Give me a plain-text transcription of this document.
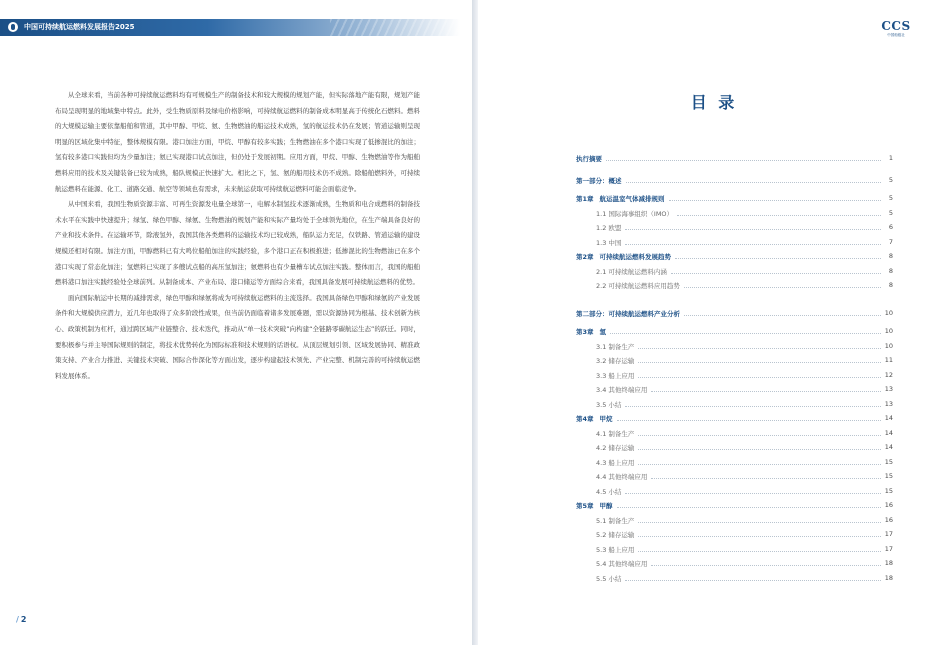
中国可持续航运燃料发展报告2025

从全球来看，当前各种可持续航运燃料均有可规模生产的制备技术和较大规模的规划产能，但实际落地产能有限，规划产能布局呈现明显的地域集中特点。此外，受生物质原料及绿电价格影响，可持续航运燃料的制备成本明显高于传统化石燃料。燃料的大规模运输主要依靠船舶和管道，其中甲醇、甲烷、氨、生物燃油的船运技术成熟，氢的航运技术仍在发展；管道运输则呈现明显的区域化集中特征，整体规模有限。港口加注方面，甲烷、甲醇有较多实践；生物燃油在多个港口实现了低掺混比的加注；氢有较多港口实践但均为少量加注；氨已实现港口试点加注，但仍处于发展初期。应用方面，甲烷、甲醇、生物燃油等作为船舶燃料应用的技术及关键装备已较为成熟，船队规模正快速扩大。相比之下，氢、氨的船用技术仍不成熟。除船舶燃料外，可持续航运燃料在能源、化工、道路交通、航空等领域也有需求，未来航运获取可持续航运燃料可能会面临竞争。

从中国来看，我国生物质资源丰富、可再生资源发电量全球第一，电解水制氢技术逐渐成熟，生物质和电合成燃料的制备技术水平在实践中快速提升；绿氢、绿色甲醇、绿氨、生物燃油的规划产能和实际产量均处于全球领先地位，在生产端具备良好的产业和技术条件。在运输环节，除液氢外，我国其他各类燃料的运输技术均已较成熟，船队运力充足，仅铁路、管道运输的建设规模还相对有限。加注方面，甲醇燃料已有大鸣位船舶加注的实践经验，多个港口正在积极推进；低掺混比的生物燃油已在多个港口实现了常态化加注；氢燃料已实现了多艘试点船的高压氢加注；氨燃料也有少量槽车试点加注实践。整体而言，我国的船舶燃料港口加注实践经验处全球前列。从制备成本、产业布局、港口储运等方面综合来看，我国具备发展可持续航运燃料的优势。

面向国际航运中长期的减排需求，绿色甲醇和绿氨将成为可持续航运燃料的主流选择。我国具备绿色甲醇和绿氨的产业发展条件和大规模供应潜力，近几年也取得了众多阶段性成果，但当前仍面临着诸多发展难题，需以资源协同为根基、技术创新为核心、政策机制为杠杆，通过跨区域产业链整合、技术迭代，推动从“单一技术突破”向构建“全链路零碳航运生态”的跃迁。同时，要积极参与并主导国际规则的制定，将技术优势转化为国际标准和技术规则的话语权。从顶层规划引领、区域发展协同、精准政策支持、产业合力推进、关键技术突破、国际合作深化等方面出发，逐步构建起技术领先、产业完整、机制完善的可持续航运燃料发展体系。

/ 2
CCS
中国船级社
目 录
执行摘要	1
第一部分：概述	5
第1章 航运温室气体减排规则	5
1.1 国际海事组织（IMO）	5
1.2 欧盟	6
1.3 中国	7
第2章 可持续航运燃料发展趋势	8
2.1 可持续航运燃料内涵	8
2.2 可持续航运燃料应用趋势	8
第二部分：可持续航运燃料产业分析	10
第3章 氢	10
3.1 制备生产	10
3.2 储存运输	11
3.3 船上应用	12
3.4 其他终端应用	13
3.5 小结	13
第4章 甲烷	14
4.1 制备生产	14
4.2 储存运输	14
4.3 船上应用	15
4.4 其他终端应用	15
4.5 小结	15
第5章 甲醇	16
5.1 制备生产	16
5.2 储存运输	17
5.3 船上应用	17
5.4 其他终端应用	18
5.5 小结	18
